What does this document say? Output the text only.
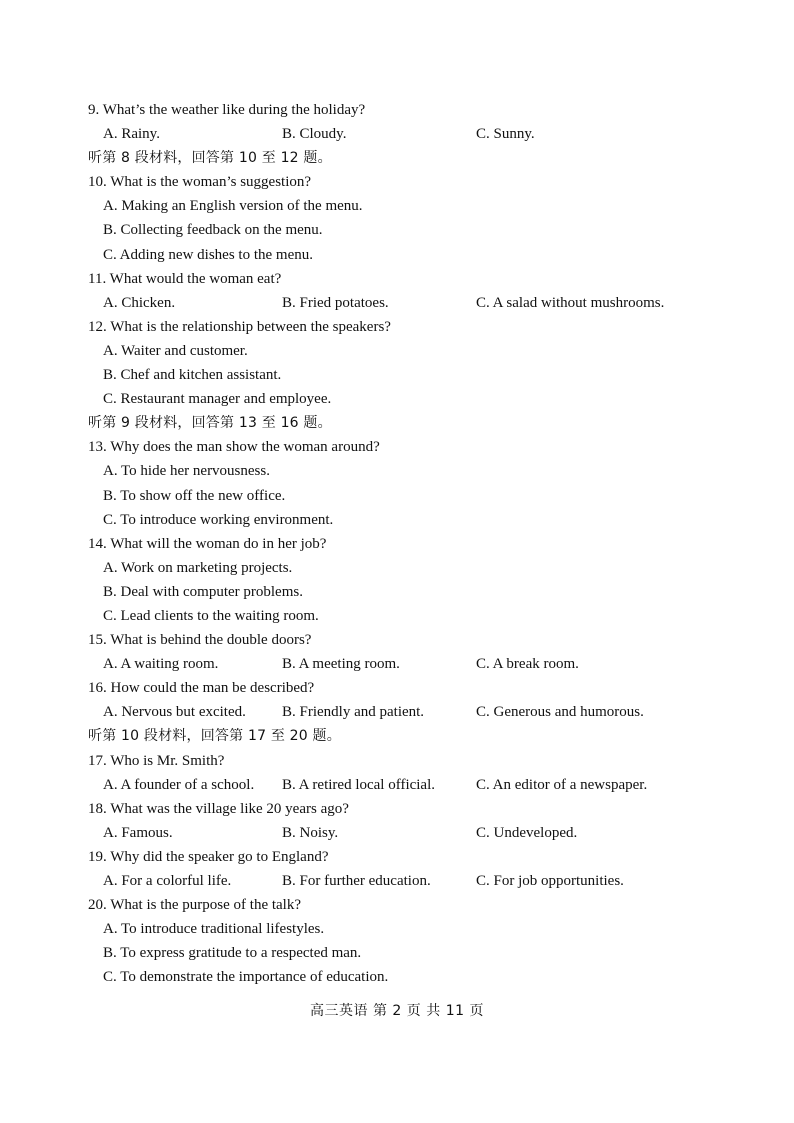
9. What’s the weather like during the holiday?
A. Rainy.	B. Cloudy.	C. Sunny.
听第 8 段材料，回答第 10 至 12 题。
10. What is the woman’s suggestion?
A. Making an English version of the menu.
B. Collecting feedback on the menu.
C. Adding new dishes to the menu.
11. What would the woman eat?
A. Chicken.	B. Fried potatoes.	C. A salad without mushrooms.
12. What is the relationship between the speakers?
A. Waiter and customer.
B. Chef and kitchen assistant.
C. Restaurant manager and employee.
听第 9 段材料，回答第 13 至 16 题。
13. Why does the man show the woman around?
A. To hide her nervousness.
B. To show off the new office.
C. To introduce working environment.
14. What will the woman do in her job?
A. Work on marketing projects.
B. Deal with computer problems.
C. Lead clients to the waiting room.
15. What is behind the double doors?
A. A waiting room.	B. A meeting room.	C. A break room.
16. How could the man be described?
A. Nervous but excited. B. Friendly and patient.	C. Generous and humorous.
听第 10 段材料，回答第 17 至 20 题。
17. Who is Mr. Smith?
A. A founder of a school. B. A retired local official.	C. An editor of a newspaper.
18. What was the village like 20 years ago?
A. Famous.	B. Noisy.	C. Undeveloped.
19. Why did the speaker go to England?
A. For a colorful life.	B. For further education.	C. For job opportunities.
20. What is the purpose of the talk?
A. To introduce traditional lifestyles.
B. To express gratitude to a respected man.
C. To demonstrate the importance of education.
高三英语 第 2 页 共 11 页
